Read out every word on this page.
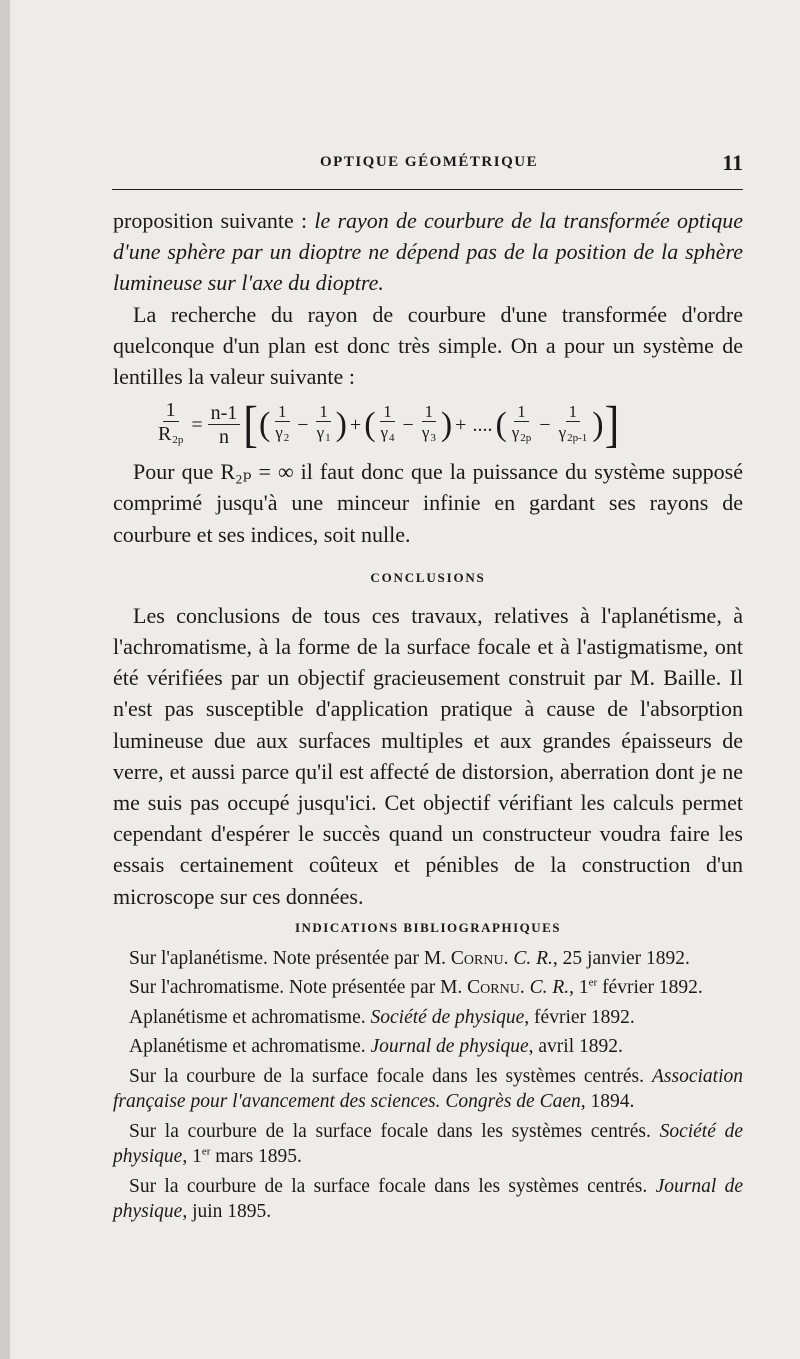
OPTIQUE GÉOMÉTRIQUE	11

proposition suivante : le rayon de courbure de la transformée optique d'une sphère par un dioptre ne dépend pas de la position de la sphère lumineuse sur l'axe du dioptre.

La recherche du rayon de courbure d'une transformée d'ordre quelconque d'un plan est donc très simple. On a pour un système de lentilles la valeur suivante :

$\frac{1}{R_{2p}} = \frac{n-1}{n}$ [ ( $\frac{1}{\gamma_2} - \frac{1}{\gamma_1}$ ) + ( $\frac{1}{\gamma_4} - \frac{1}{\gamma_3}$ ) + .... ( $\frac{1}{\gamma_{2p}} - \frac{1}{\gamma_{2p-1}}$ ) ]

Pour que R₂ₚ = ∞ il faut donc que la puissance du système supposé comprimé jusqu'à une minceur infinie en gardant ses rayons de courbure et ses indices, soit nulle.

CONCLUSIONS

Les conclusions de tous ces travaux, relatives à l'aplanétisme, à l'achromatisme, à la forme de la surface focale et à l'astigmatisme, ont été vérifiées par un objectif gracieusement construit par M. Baille. Il n'est pas susceptible d'application pratique à cause de l'absorption lumineuse due aux surfaces multiples et aux grandes épaisseurs de verre, et aussi parce qu'il est affecté de distorsion, aberration dont je ne me suis pas occupé jusqu'ici. Cet objectif vérifiant les calculs permet cependant d'espérer le succès quand un constructeur voudra faire les essais certainement coûteux et pénibles de la construction d'un microscope sur ces données.

INDICATIONS BIBLIOGRAPHIQUES

Sur l'aplanétisme. Note présentée par M. Cornu. C. R., 25 janvier 1892.

Sur l'achromatisme. Note présentée par M. Cornu. C. R., 1er février 1892.

Aplanétisme et achromatisme. Société de physique, février 1892.

Aplanétisme et achromatisme. Journal de physique, avril 1892.

Sur la courbure de la surface focale dans les systèmes centrés. Association française pour l'avancement des sciences. Congrès de Caen, 1894.

Sur la courbure de la surface focale dans les systèmes centrés. Société de physique, 1er mars 1895.

Sur la courbure de la surface focale dans les systèmes centrés. Journal de physique, juin 1895.
